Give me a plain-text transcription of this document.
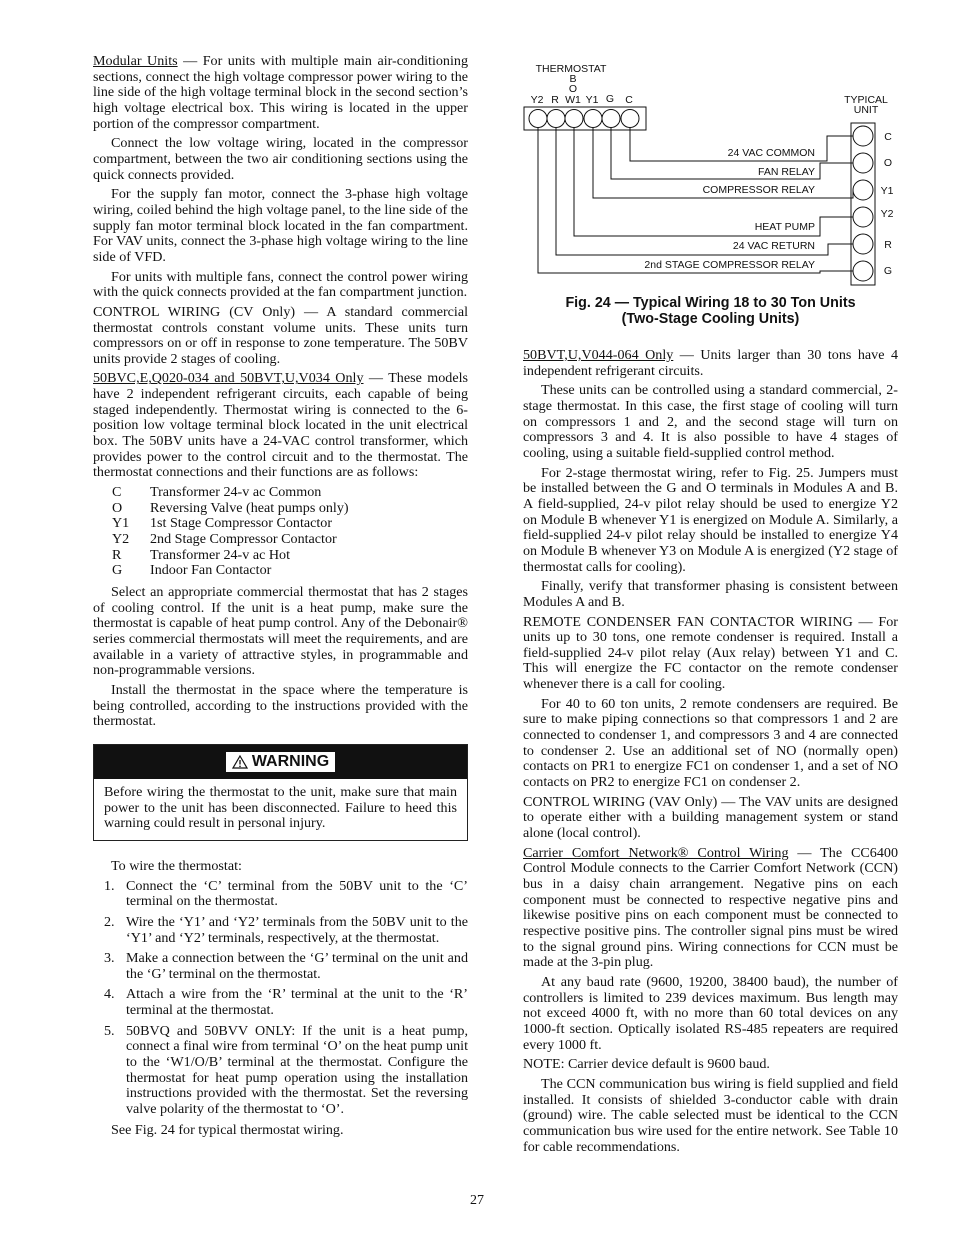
Modular Units — For units with multiple main air-conditioning sections, connect the high voltage compressor power wiring to the line side of the high voltage terminal block in the second section’s high voltage electrical box. This wiring is located in the upper portion of the compressor compartment.

Connect the low voltage wiring, located in the compressor compartment, between the two air conditioning sections using the quick connects provided.

For the supply fan motor, connect the 3-phase high voltage wiring, coiled behind the high voltage panel, to the line side of the supply fan motor terminal block located in the fan compartment. For VAV units, connect the 3-phase high voltage wiring to the line side of VFD.

For units with multiple fans, connect the control power wiring with the quick connects provided at the fan compartment junction.

CONTROL WIRING (CV Only) — A standard commercial thermostat controls constant volume units. These units turn compressors on or off in response to zone temperature. The 50BV units provide 2 stages of cooling.

50BVC,E,Q020-034 and 50BVT,U,V034 Only — These models have 2 independent refrigerant circuits, each capable of being staged independently. Thermostat wiring is connected to the 6-position low voltage terminal block located in the unit electrical box. The 50BV units have a 24-VAC control transformer, which provides power to the control circuit and to the thermostat. The thermostat connections and their functions are as follows:

C	Transformer 24-v ac Common
O	Reversing Valve (heat pumps only)
Y1	1st Stage Compressor Contactor
Y2	2nd Stage Compressor Contactor
R	Transformer 24-v ac Hot
G	Indoor Fan Contactor

Select an appropriate commercial thermostat that has 2 stages of cooling control. If the unit is a heat pump, make sure the thermostat is capable of heat pump control. Any of the Debonair® series commercial thermostats will meet the requirements, and are available in a variety of attractive styles, in programmable and non-programmable versions.

Install the thermostat in the space where the temperature is being controlled, according to the instructions provided with the thermostat.

WARNING
Before wiring the thermostat to the unit, make sure that main power to the unit has been disconnected. Failure to heed this warning could result in personal injury.

To wire the thermostat:

1. Connect the ‘C’ terminal from the 50BV unit to the ‘C’ terminal on the thermostat.
2. Wire the ‘Y1’ and ‘Y2’ terminals from the 50BV unit to the ‘Y1’ and ‘Y2’ terminals, respectively, at the thermostat.
3. Make a connection between the ‘G’ terminal on the unit and the ‘G’ terminal on the thermostat.
4. Attach a wire from the ‘R’ terminal at the unit to the ‘R’ terminal at the thermostat.
5. 50BVQ and 50BVV ONLY: If the unit is a heat pump, connect a final wire from terminal ‘O’ on the heat pump unit to the ‘W1/O/B’ terminal at the thermostat. Configure the thermostat for heat pump operation using the installation instructions provided with the thermostat. Set the reversing valve polarity of the thermostat to ‘O’.

See Fig. 24 for typical thermostat wiring.

THERMOSTAT
B
O
Y2 R W1 Y1 G C	TYPICAL
UNIT
C
O
Y1
Y2
R
G
24 VAC COMMON
FAN RELAY
COMPRESSOR RELAY
HEAT PUMP
24 VAC RETURN
2nd STAGE COMPRESSOR RELAY
Fig. 24 — Typical Wiring 18 to 30 Ton Units
(Two-Stage Cooling Units)

50BVT,U,V044-064 Only — Units larger than 30 tons have 4 independent refrigerant circuits.

These units can be controlled using a standard commercial, 2-stage thermostat. In this case, the first stage of cooling will turn on compressors 1 and 2, and the second stage will turn on compressors 3 and 4. It is also possible to have 4 stages of cooling, using a suitable field-supplied control method.

For 2-stage thermostat wiring, refer to Fig. 25. Jumpers must be installed between the G and O terminals in Modules A and B. A field-supplied, 24-v pilot relay should be used to energize Y2 on Module B whenever Y1 is energized on Module A. Similarly, a field-supplied 24-v pilot relay should be installed to energize Y4 on Module B whenever Y3 on Module A is energized (Y2 stage of thermostat calls for cooling).

Finally, verify that transformer phasing is consistent between Modules A and B.

REMOTE CONDENSER FAN CONTACTOR WIRING — For units up to 30 tons, one remote condenser is required. Install a field-supplied 24-v pilot relay (Aux relay) between Y1 and C. This will energize the FC contactor on the remote condenser whenever there is a call for cooling.

For 40 to 60 ton units, 2 remote condensers are required. Be sure to make piping connections so that compressors 1 and 2 are connected to condenser 1, and compressors 3 and 4 are connected to condenser 2. Use an additional set of NO (normally open) contacts on PR1 to energize FC1 on condenser 1, and a set of NO contacts on PR2 to energize FC1 on condenser 2.

CONTROL WIRING (VAV Only) — The VAV units are designed to operate either with a building management system or stand alone (local control).

Carrier Comfort Network® Control Wiring — The CC6400 Control Module connects to the Carrier Comfort Network (CCN) bus in a daisy chain arrangement. Negative pins on each component must be connected to respective negative pins and likewise positive pins on each component must be connected to respective positive pins. The controller signal pins must be wired to the signal ground pins. Wiring connections for CCN must be made at the 3-pin plug.

At any baud rate (9600, 19200, 38400 baud), the number of controllers is limited to 239 devices maximum. Bus length may not exceed 4000 ft, with no more than 60 total devices on any 1000-ft section. Optically isolated RS-485 repeaters are required every 1000 ft.

NOTE: Carrier device default is 9600 baud.

The CCN communication bus wiring is field supplied and field installed. It consists of shielded 3-conductor cable with drain (ground) wire. The cable selected must be identical to the CCN communication bus wire used for the entire network. See Table 10 for cable recommendations.

27
